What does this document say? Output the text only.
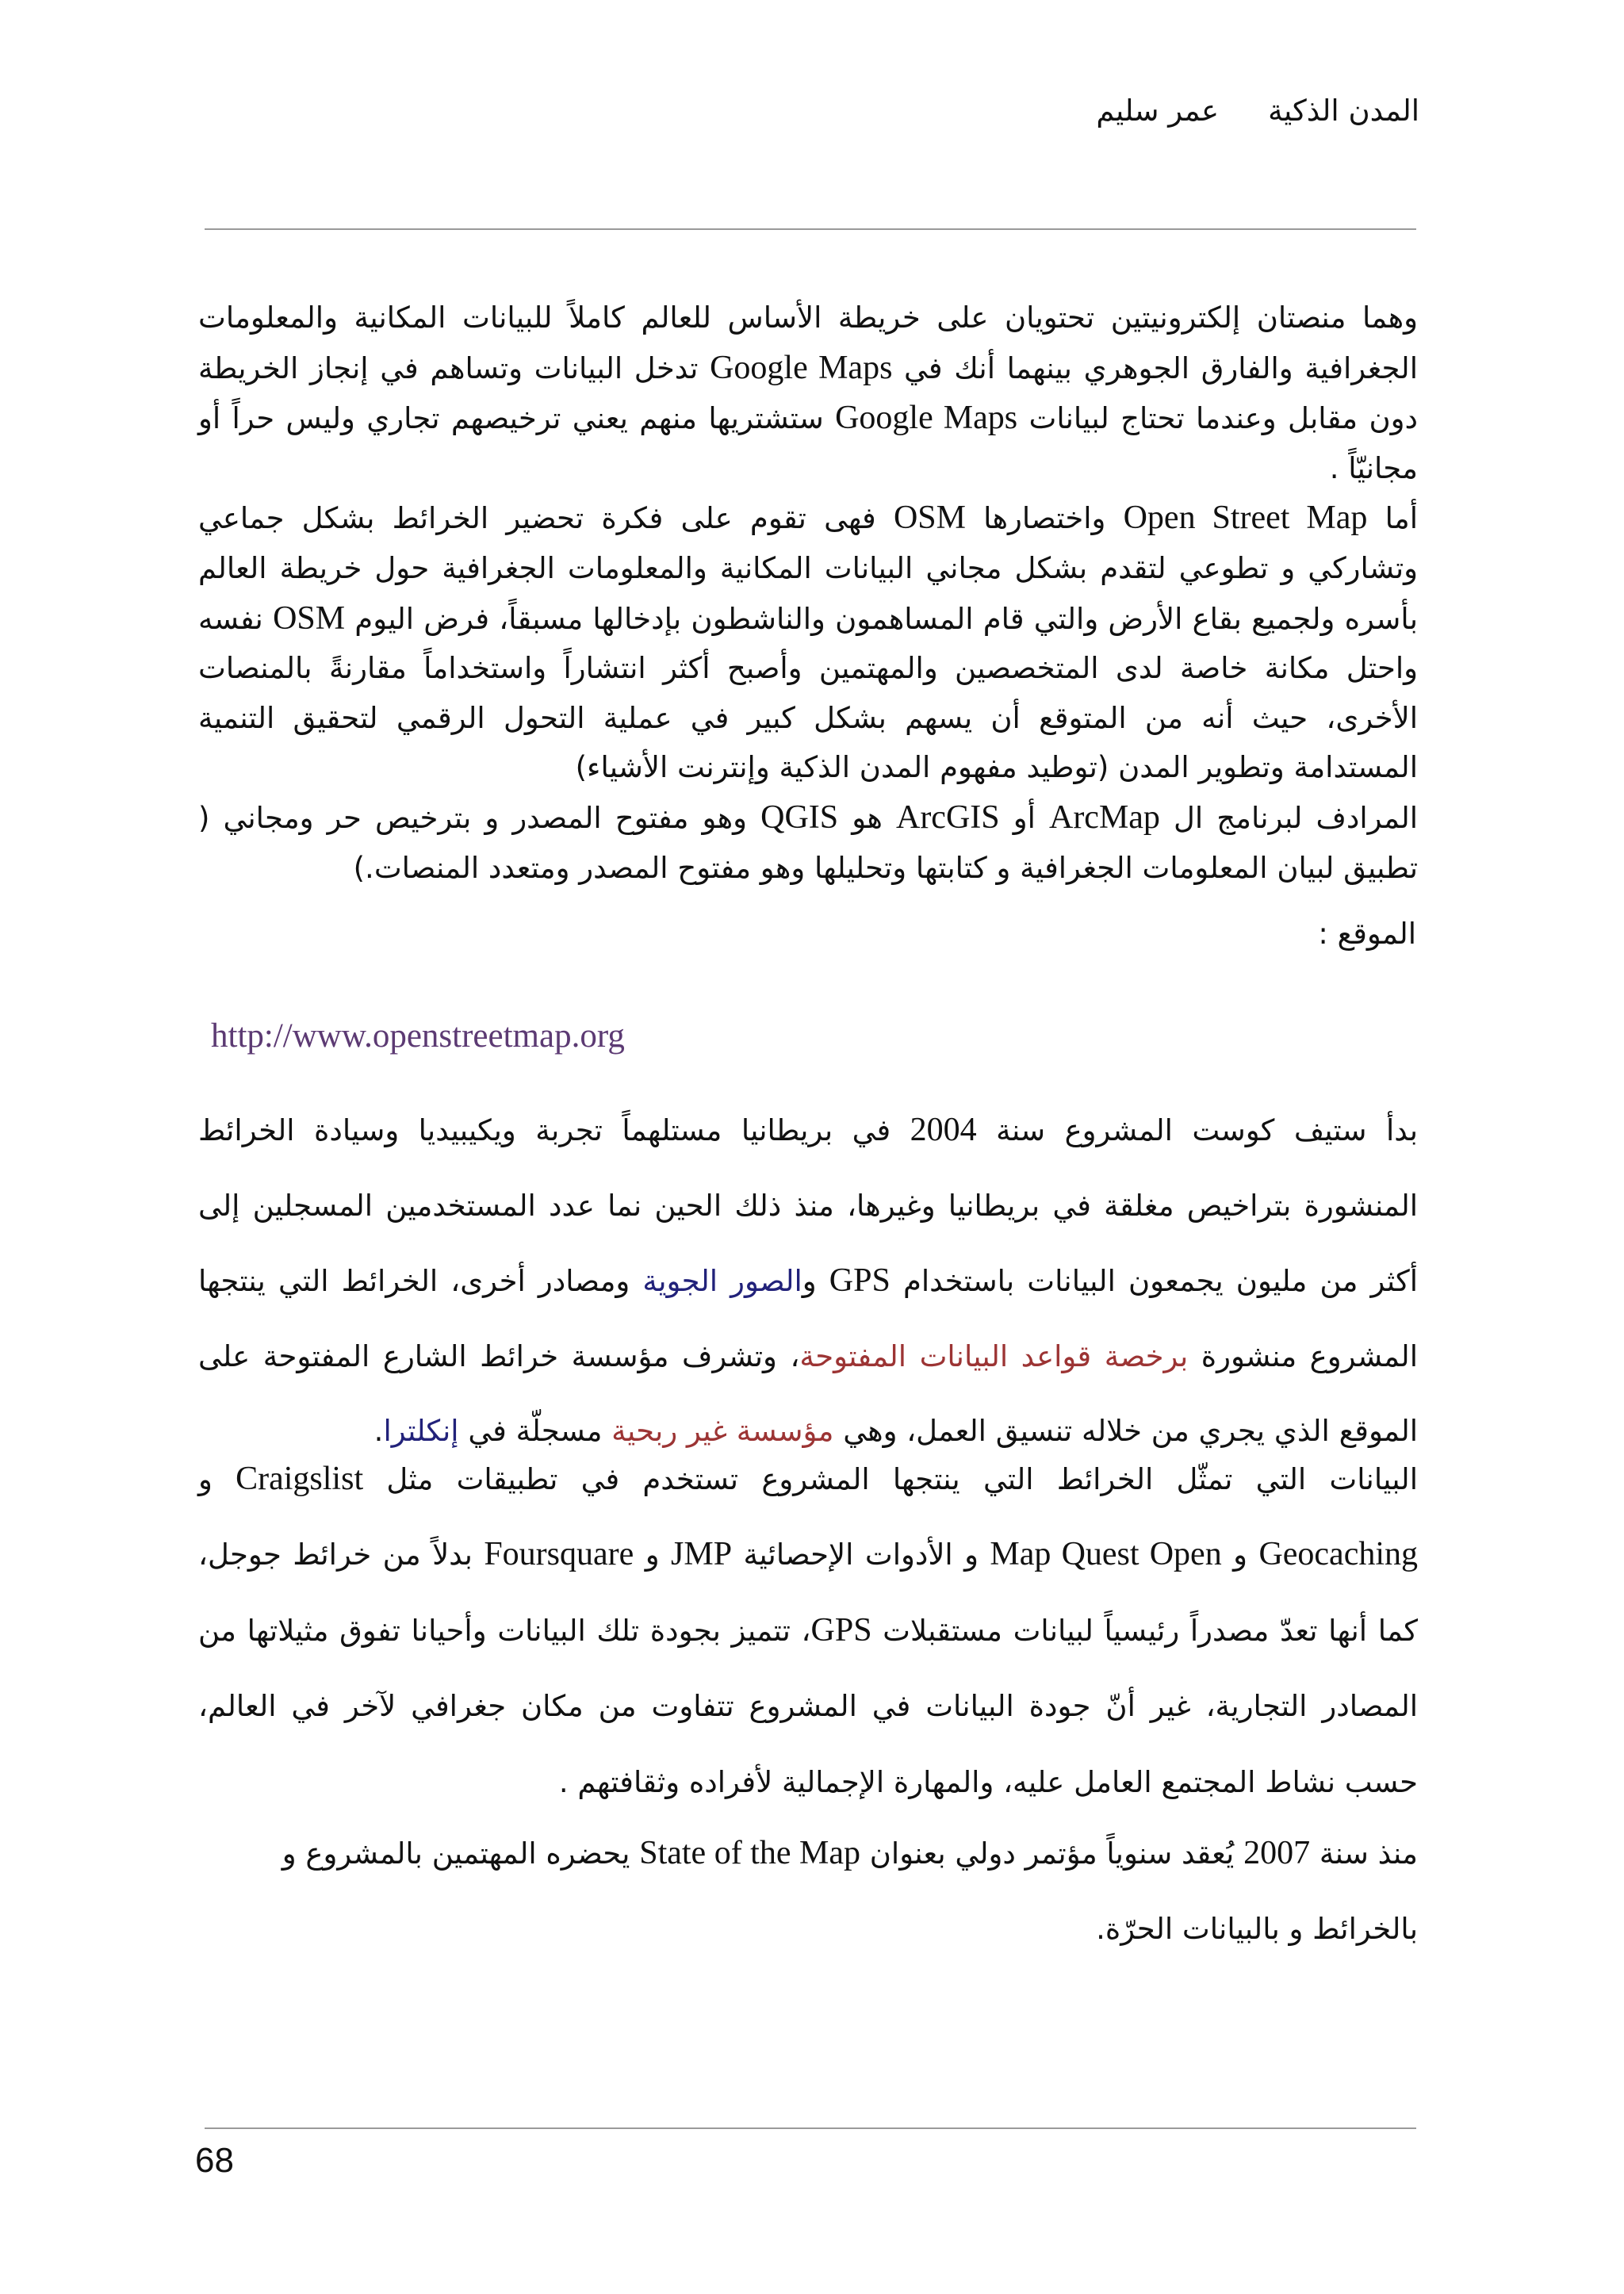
المدن الذكيةعمر سليم

وهما منصتان إلكترونيتين تحتويان على خريطة الأساس للعالم كاملاً للبيانات المكانية والمعلومات الجغرافية والفارق الجوهري بينهما أنك في Google Maps تدخل البيانات وتساهم في إنجاز الخريطة دون مقابل وعندما تحتاج لبيانات Google Maps ستشتريها منهم يعني ترخيصهم تجاري وليس حراً أو مجانيّاً .

أما Open Street Map واختصارها OSM فهى تقوم على فكرة تحضير الخرائط بشكل جماعي وتشاركي و تطوعي لتقدم بشكل مجاني البيانات المكانية والمعلومات الجغرافية حول خريطة العالم بأسره ولجميع بقاع الأرض والتي قام المساهمون والناشطون بإدخالها مسبقاً، فرض اليوم OSM نفسه واحتل مكانة خاصة لدى المتخصصين والمهتمين وأصبح أكثر انتشاراً واستخداماً مقارنةً بالمنصات الأخرى، حيث أنه من المتوقع أن يسهم بشكل كبير في عملية التحول الرقمي لتحقيق التنمية المستدامة وتطوير المدن (توطيد مفهوم المدن الذكية وإنترنت الأشياء)

المرادف لبرنامج ال ArcMap أو ArcGIS هو QGIS وهو مفتوح المصدر و بترخيص حر ومجاني ( تطبيق لبيان المعلومات الجغرافية و كتابتها وتحليلها وهو مفتوح المصدر ومتعدد المنصات.)

الموقع :
http://www.openstreetmap.org

بدأ ستيف كوست المشروع سنة 2004 في بريطانيا مستلهماً تجربة ويكيبيديا وسيادة الخرائط المنشورة بتراخيص مغلقة في بريطانيا وغيرها، منذ ذلك الحين نما عدد المستخدمين المسجلين إلى أكثر من مليون يجمعون البيانات باستخدام GPS والصور الجوية ومصادر أخرى، الخرائط التي ينتجها المشروع منشورة برخصة قواعد البيانات المفتوحة، وتشرف مؤسسة خرائط الشارع المفتوحة على الموقع الذي يجري من خلاله تنسيق العمل، وهي مؤسسة غير ربحية مسجلّة في إنكلترا.

البيانات التي تمثّل الخرائط التي ينتجها المشروع تستخدم في تطبيقات مثل Craigslist و Geocaching و Map Quest Open و الأدوات الإحصائية JMP و Foursquare بدلاً من خرائط جوجل، كما أنها تعدّ مصدراً رئيسياً لبيانات مستقبلات GPS، تتميز بجودة تلك البيانات وأحيانا تفوق مثيلاتها من المصادر التجارية، غير أنّ جودة البيانات في المشروع تتفاوت من مكان جغرافي لآخر في العالم، حسب نشاط المجتمع العامل عليه، والمهارة الإجمالية لأفراده وثقافتهم .

منذ سنة 2007 يُعقد سنوياً مؤتمر دولي بعنوان State of the Map يحضره المهتمين بالمشروع و

بالخرائط و بالبيانات الحرّة.

68
